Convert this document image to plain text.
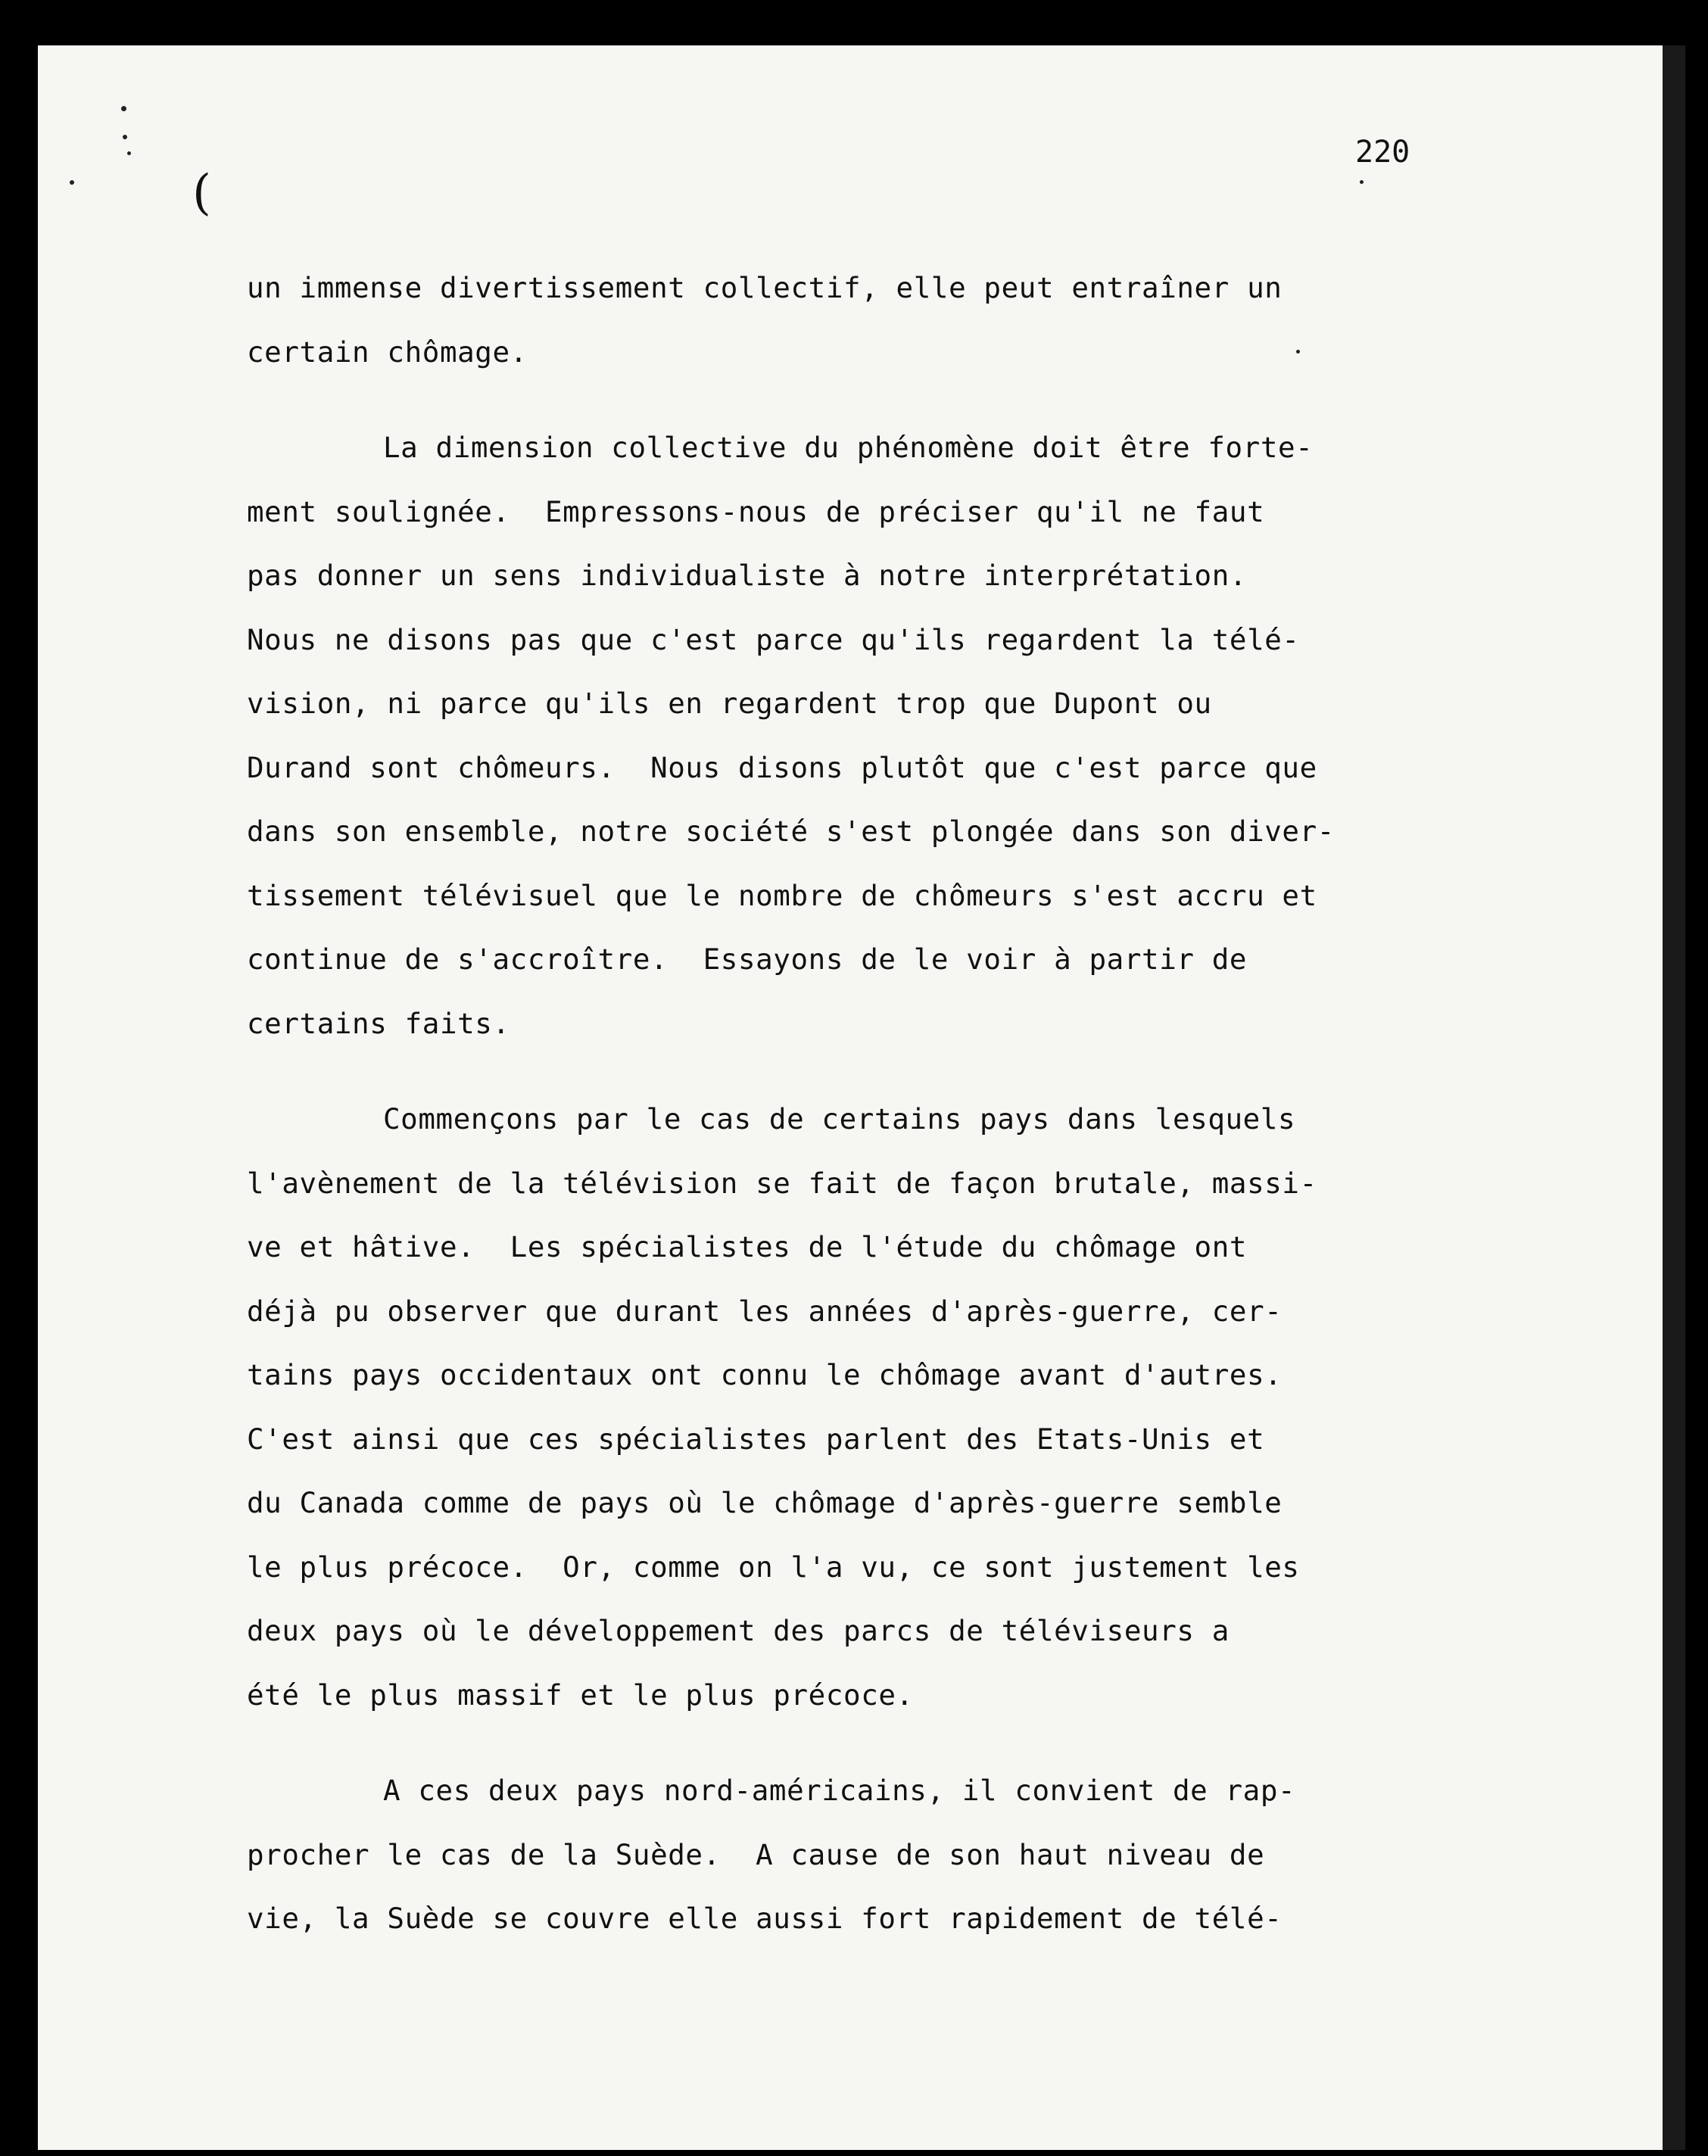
220
(
un immense divertissement collectif, elle peut entraîner un
certain chômage.
La dimension collective du phénomène doit être forte-
ment soulignée.  Empressons-nous de préciser qu'il ne faut
pas donner un sens individualiste à notre interprétation.
Nous ne disons pas que c'est parce qu'ils regardent la télé-
vision, ni parce qu'ils en regardent trop que Dupont ou
Durand sont chômeurs.  Nous disons plutôt que c'est parce que
dans son ensemble, notre société s'est plongée dans son diver-
tissement télévisuel que le nombre de chômeurs s'est accru et
continue de s'accroître.  Essayons de le voir à partir de
certains faits.
Commençons par le cas de certains pays dans lesquels
l'avènement de la télévision se fait de façon brutale, massi-
ve et hâtive.  Les spécialistes de l'étude du chômage ont
déjà pu observer que durant les années d'après-guerre, cer-
tains pays occidentaux ont connu le chômage avant d'autres.
C'est ainsi que ces spécialistes parlent des Etats-Unis et
du Canada comme de pays où le chômage d'après-guerre semble
le plus précoce.  Or, comme on l'a vu, ce sont justement les
deux pays où le développement des parcs de téléviseurs a
été le plus massif et le plus précoce.
A ces deux pays nord-américains, il convient de rap-
procher le cas de la Suède.  A cause de son haut niveau de
vie, la Suède se couvre elle aussi fort rapidement de télé-
